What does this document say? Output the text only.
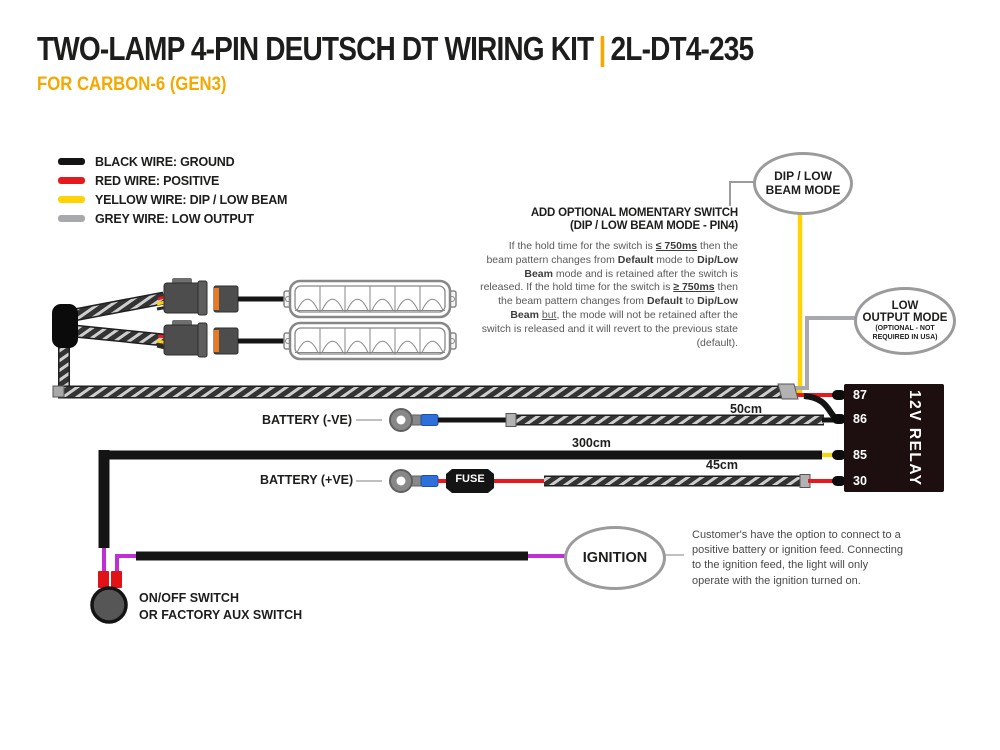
TWO-LAMP 4-PIN DEUTSCH DT WIRING KIT | 2L-DT4-235
FOR CARBON-6 (GEN3)
BLACK WIRE: GROUND
RED WIRE: POSITIVE
YELLOW WIRE: DIP / LOW BEAM
GREY WIRE: LOW OUTPUT
DIP / LOW
BEAM MODE
LOW
OUTPUT MODE
(OPTIONAL - NOT
REQUIRED IN USA)
IGNITION
ADD OPTIONAL MOMENTARY SWITCH
(DIP / LOW BEAM MODE - PIN4)
If the hold time for the switch is ≤ 750ms then the beam pattern changes from Default mode to Dip/Low Beam mode and is retained after the switch is released. If the hold time for the switch is ≥ 750ms then the beam pattern changes from Default to Dip/Low Beam but, the mode will not be retained after the switch is released and it will revert to the previous state (default).
Customer's have the option to connect to a positive battery or ignition feed. Connecting to the ignition feed, the light will only operate with the ignition turned on.
50cm
300cm
45cm
BATTERY (-VE)
BATTERY (+VE)	FUSE
ON/OFF SWITCH
OR FACTORY AUX SWITCH
87
86
85
30	12V RELAY
